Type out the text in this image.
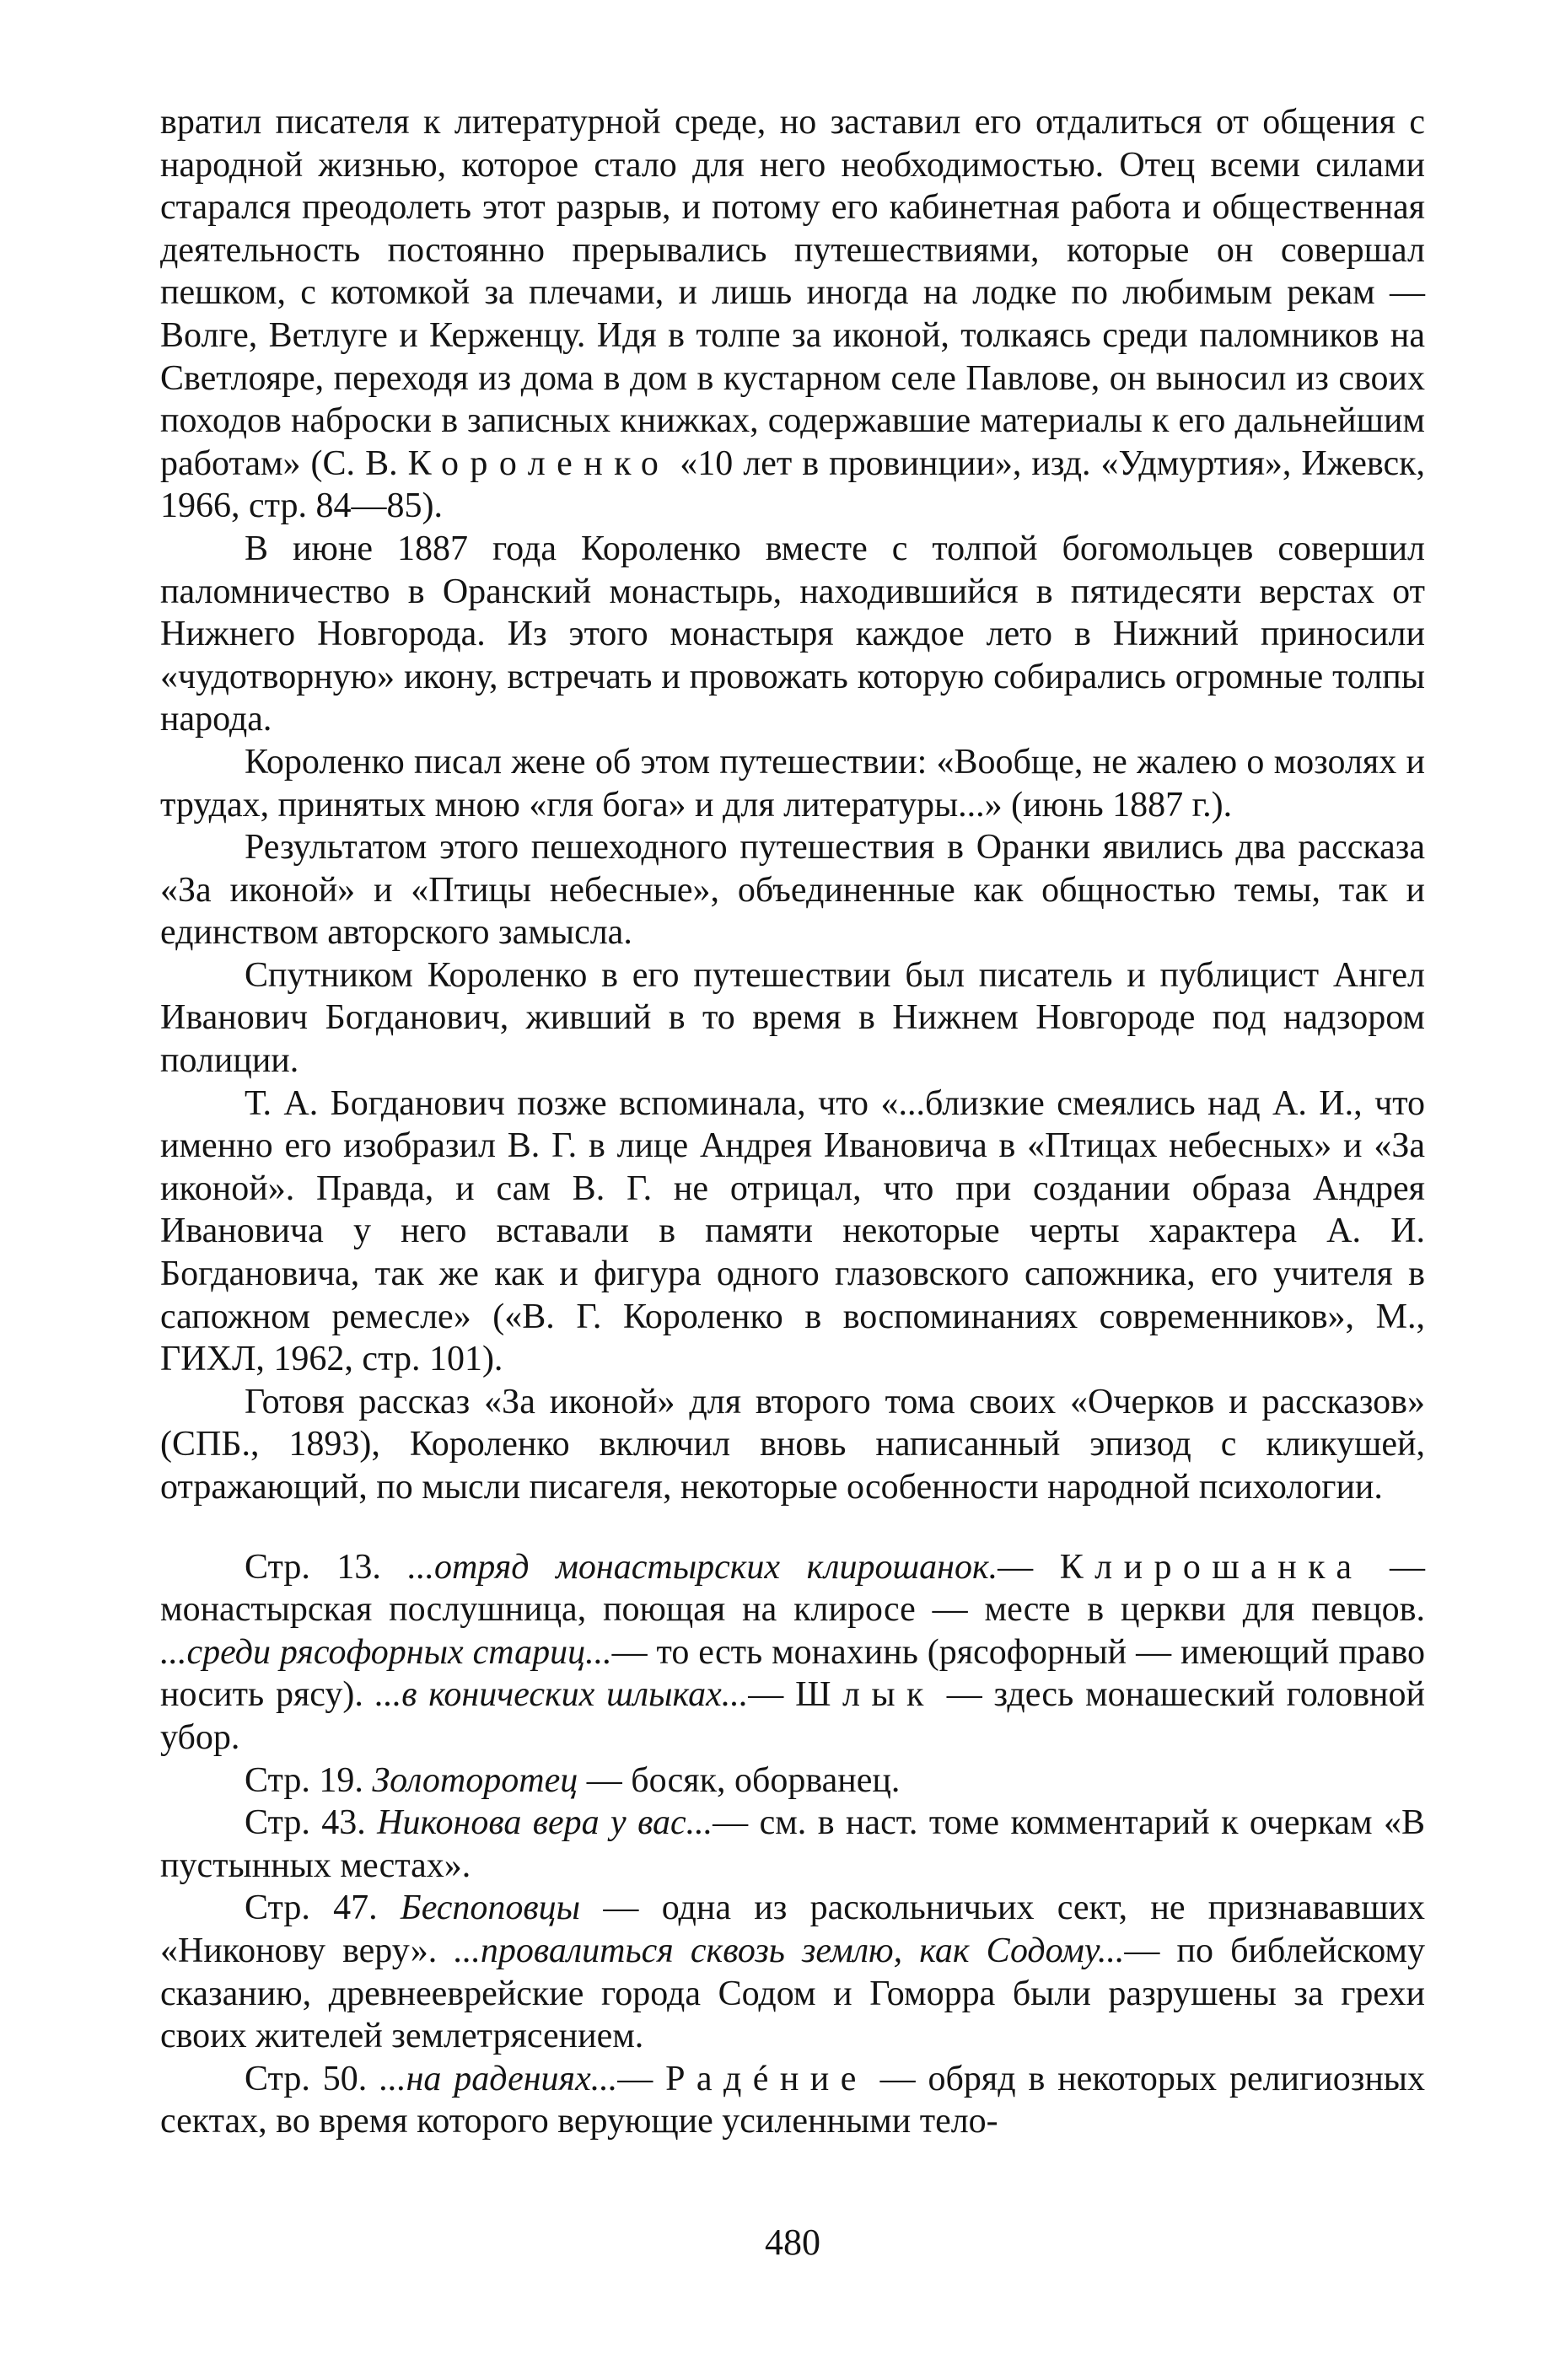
вратил писателя к литературной среде, но заставил его отдалиться от общения с народной жизнью, которое стало для него необходимостью. Отец всеми силами старался преодолеть этот разрыв, и потому его кабинетная работа и общественная деятельность постоянно прерывались путешествиями, которые он совершал пешком, с котомкой за плечами, и лишь иногда на лодке по любимым рекам — Волге, Ветлуге и Керженцу. Идя в толпе за иконой, толкаясь среди паломников на Светлояре, переходя из дома в дом в кустарном селе Павлове, он выносил из своих походов наброски в записных книжках, содержавшие материалы к его дальнейшим работам» (С. В. Короленко «10 лет в провинции», изд. «Удмуртия», Ижевск, 1966, стр. 84—85).

В июне 1887 года Короленко вместе с толпой богомольцев совершил паломничество в Оранский монастырь, находившийся в пятидесяти верстах от Нижнего Новгорода. Из этого монастыря каждое лето в Нижний приносили «чудотворную» икону, встречать и провожать которую собирались огромные толпы народа.

Короленко писал жене об этом путешествии: «Вообще, не жалею о мозолях и трудах, принятых мною «гля бога» и для литературы...» (июнь 1887 г.).

Результатом этого пешеходного путешествия в Оранки явились два рассказа «За иконой» и «Птицы небесные», объединенные как общностью темы, так и единством авторского замысла.

Спутником Короленко в его путешествии был писатель и публицист Ангел Иванович Богданович, живший в то время в Нижнем Новгороде под надзором полиции.

Т. А. Богданович позже вспоминала, что «...близкие смеялись над А. И., что именно его изобразил В. Г. в лице Андрея Ивановича в «Птицах небесных» и «За иконой». Правда, и сам В. Г. не отрицал, что при создании образа Андрея Ивановича у него вставали в памяти некоторые черты характера А. И. Богдановича, так же как и фигура одного глазовского сапожника, его учителя в сапожном ремесле» («В. Г. Короленко в воспоминаниях современников», М., ГИХЛ, 1962, стр. 101).

Готовя рассказ «За иконой» для второго тома своих «Очерков и рассказов» (СПБ., 1893), Короленко включил вновь написанный эпизод с кликушей, отражающий, по мысли писагеля, некоторые особенности народной психологии.

Стр. 13. ...отряд монастырских клирошанок.— Клирошанка — монастырская послушница, поющая на клиросе — месте в церкви для певцов. ...среди рясофорных стариц...— то есть монахинь (рясофорный — имеющий право носить рясу). ...в конических шлыках...— Шлык — здесь монашеский головной убор.

Стр. 19. Золоторотец — босяк, оборванец.

Стр. 43. Никонова вера у вас...— см. в наст. томе комментарий к очеркам «В пустынных местах».

Стр. 47. Беспоповцы — одна из раскольничьих сект, не признававших «Никонову веру». ...провалиться сквозь землю, как Содому...— по библейскому сказанию, древнееврейские города Содом и Гоморра были разрушены за грехи своих жителей землетрясением.

Стр. 50. ...на радениях...— Радéние — обряд в некоторых религиозных сектах, во время которого верующие усиленными тело-

480
